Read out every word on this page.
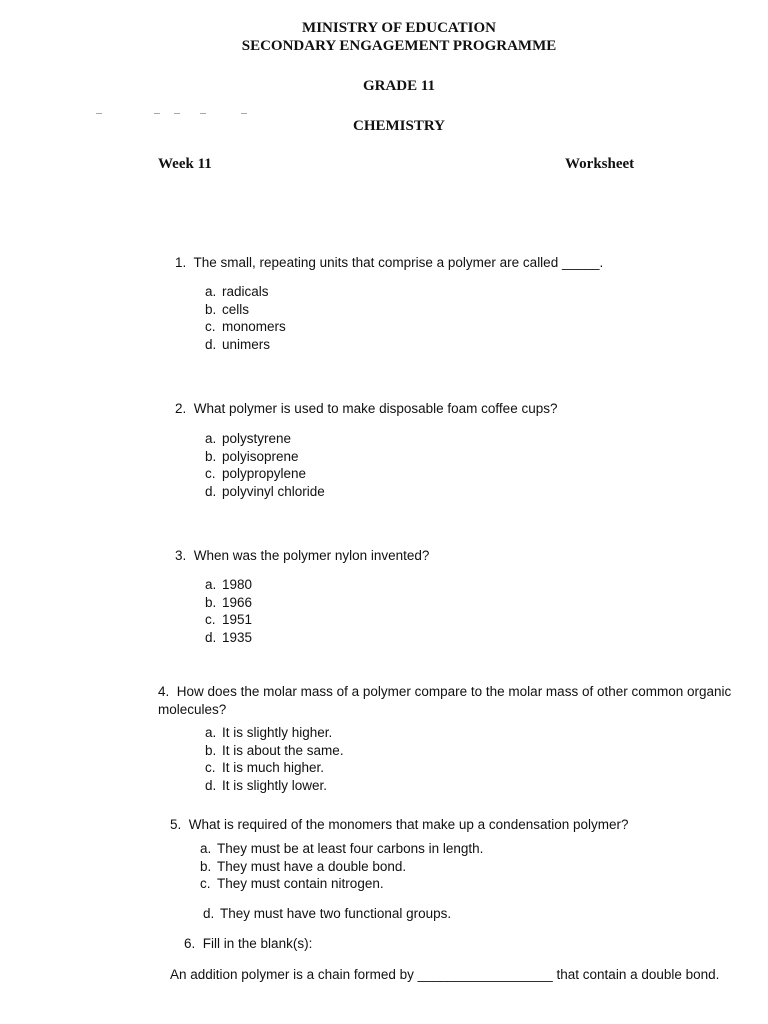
MINISTRY OF EDUCATION
SECONDARY ENGAGEMENT PROGRAMME
GRADE 11
CHEMISTRY
Week 11	Worksheet
1. The small, repeating units that comprise a polymer are called _____.
a. radicals
b. cells
c. monomers
d. unimers
2. What polymer is used to make disposable foam coffee cups?
a. polystyrene
b. polyisoprene
c. polypropylene
d. polyvinyl chloride
3. When was the polymer nylon invented?
a. 1980
b. 1966
c. 1951
d. 1935
4. How does the molar mass of a polymer compare to the molar mass of other common organic molecules?
a. It is slightly higher.
b. It is about the same.
c. It is much higher.
d. It is slightly lower.
5. What is required of the monomers that make up a condensation polymer?
a. They must be at least four carbons in length.
b. They must have a double bond.
c. They must contain nitrogen.
d. They must have two functional groups.
6. Fill in the blank(s):
An addition polymer is a chain formed by __________________ that contain a double bond.
